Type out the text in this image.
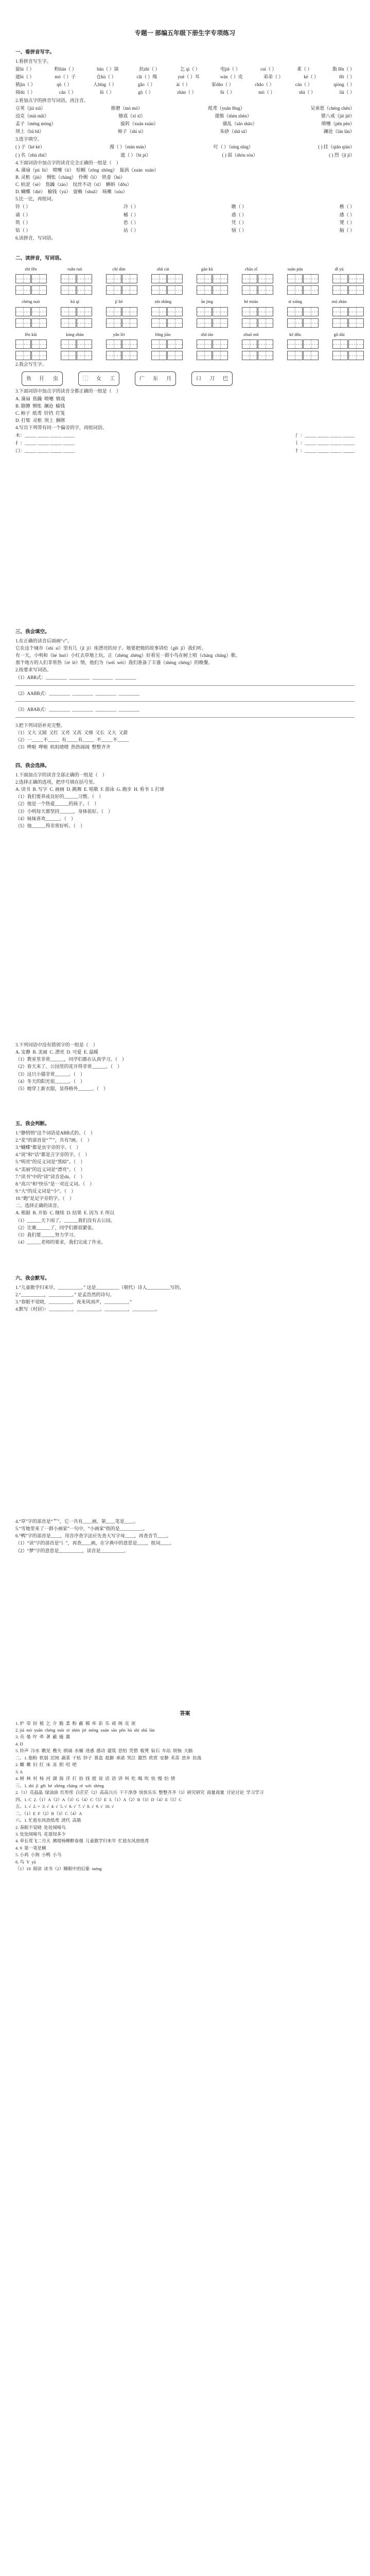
专题一 部编五年级下册生字专项练习
一、看拼音写字。
1.看拼音写生字。
旋lú（ ）	粉lián（ ）	bàn（ ）演	扶zhí（ ）	乞 qì（ ）	电jiè（ ）	cuì（ ）	柔（ ）	脂 fěn（ ）
遮bì（ ）	mó（ ）子	仓kù（ ）	cǎi（ ）绳	yuè（ ）耳	wán（ ）皮	弟弟（ ）	kè（ ）	fěi（ ）
猜jìn（ ）	qǔ（ ）	人bǐng（ ）	gǎo（ ）	ài（ ）	家dǔo（ ）	chǎo（ ）	cán（ ）	qióng（ ）
阅dú（ ）	cán（ ）	lǜ（ ）	gū（ ）	zhàn（ ）	fù（ ）	mò（ ）	shà（ ）	lài（ ）
2.看加点字的拼音写词语，再注音。
豆荚（jiá xiá）	推磨（mò mó）	纸鸢（yuān fēng）	吴承恩（chéng chén）
迈克（mài mǎi）	嬉戏（xī xǐ）	谨慎（shèn zhèn）	猪八戒（jiè jiē）
孟子（mèng mòng）	旋转（xuán xuàn）	骚乱（sāo shāo）	喷嚏（pēn pèn）
坝上（bà bǎ）	柿子（shì sì）	朱砂（shā sā）	澜沧（lán làn）
3.选字填空。
( ) 子（ké kè）	漫（ ）（màn mán）	叮（ ）（níng nǐng）	( ) 挂（qiān qián）
( ) 名（zhù zhú）	遮（ ）（bì pì）	( ) 弱（shòu sòu）	( ) 烈（jī jí）
4.下面词语中加点字的读音完全正确的一组是（    ）
A. 蒲扇（pú  fú）  喷嚏（tì）  棕榈（zōng  zhōng）  旋涡（xuàn  xuán）
B. 灵柩（jiù）  惆怅（chàng）  伶俐（lì）  铁壶（hú）
C. 枯涩（sè）  焦躁（zào）  纹丝不动（sī）  蝌蚪（dǒu）
D. 蝴蝶（dié）  榆钱（yú）  耍赖（shuǎ）  咳嗽（sòu）
5.比一比，再组词。
铃（ ）	冷（ ）	瞧（ ）	樵（ ）
诵（ ）	桶（ ）	惑（ ）	感（ ）
筑（ ）	恐（ ）	凭（ ）	凳（ ）
钻（ ）	站（ ）	恼（ ）	脑（ ）
6.读拼音，写词语。
二、读拼音，写词语。
zhī fěn	ruǎn ruò	chí dùn	shū cài	gān kū	chāo zǐ	suàn pán	dǐ yù
chéng nuò	kū qì	jí liè	xīn shǎng	ān jìng	hé miáo	sī xiāng	mó zhàn
fēn kāi	kàng zhàn	yǎn lèi	bǐng jiāo	shā tān	zhuō mō	kē dǒu	gǔ dài
2.我会写生字。
鱼 ⺝ 虫	⿰ 女 工	广 东 月	口 刀 巴
3.下面词语中加点字的读音全都正确的一组是（    ）
A. 蒲扇  焦躁  喷嚏  嬉戏
B. 胳膊  惆怅  澜沧  榆钱
C. 柿子  纸鸢  铃铛  灯笼
D. 打柴  灵柩  坝上  捆绑
4.写出下列带有同一个偏旁的字，再组词语。
木：_____ _____ _____ _____	氵：_____ _____ _____ _____
扌：_____ _____ _____ _____	讠：_____ _____ _____ _____
口：_____ _____ _____ _____	忄：_____ _____ _____ _____
三、我会填空。
1.在正确的读音后面画“√”。
它在这个城市（shì  sì）里有几（jǐ  jī）座漂亮的房子。她要把她的故事讲给（gěi  jǐ）我们听。
有一天，小明和（hé  huò）小红去草地上玩，正（zhèng  zhēng）好看见一群小鸟在树上唱（chàng  cháng）歌。
那个地方的人们非常热（rè  lè）情，他们为（wéi  wèi）我们准备了丰盛（shèng  chéng）的晚餐。
2.按要求写词语。
（1）ABB式：_________  _________  _________  _________
（2）AABB式：_________  _________  _________  _________
（3）ABAB式：_________  _________  _________  _________
3.把下列词语补充完整。
（1）又大 又圆  又红  又亮  又高  又细  又长  又大  又甜
（2）一_____不_____  有_____有_____  不_____不_____
（3）哗啦  哗啦  叽叽喳喳  热热闹闹  整整齐齐
四、我会选择。
1.下面加点字的读音全部正确的一组是（    ）
2.选择正确的选项，把序号填在括号里。
A. 读书  B. 写字  C. 画画  D. 跳舞  E. 唱歌  F. 游泳  G. 跑步  H. 看书  I. 打球
（1）我们要养成良好的______习惯。（    ）
（2）他是一个热爱______的孩子。（    ）
（3）小明每天都坚持______，身体很好。（    ）
（4）妹妹喜欢______。（    ）
（5）他______得非常好听。（    ）
3.下列词语中没有错别字的一组是（    ）
A. 安静  B. 美丽  C. 漂亮  D. 可爱  E. 温暖
（1）教室里非常______，同学们都在认真学习。（    ）
（2）春天来了，公园里的花开得非常______。（    ）
（3）这只小猫非常______。（    ）
（4）冬天的阳光很______。（    ）
（5）她穿上新衣服，显得格外______。（    ）
五、我会判断。
1.“静悄悄”这个词语是ABB式的。（    ）
2.“花”的部首是“艹”，共有7画。（    ）
3.“蝴蝶”都是虫字旁的字。（    ）
4.“说”和“话”都是言字旁的字。（    ）
5.“明亮”的反义词是“黑暗”。（    ）
6.“美丽”的近义词是“漂亮”。（    ）
7.“读书”中的“读”读音是dú。（    ）
8.“高兴”和“快乐”是一对近义词。（    ）
9.“大”的反义词是“小”。（    ）
10.“跑”是足字旁的字。（    ）
二、选择正确的读音。
A. 根据  B. 开始  C. 继续  D. 结果  E. 因为  F. 所以
（1）______天下雨了，______我们没有去公园。
（2）比赛______了，同学们都很紧张。
（3）我们要______努力学习。
（4）______老师的要求，我们完成了作业。
六、我会默写。
1.“儿童散学归来早，__________。” 这是__________（朝代）诗人__________写的。
2.“__________，__________。” 是孟浩然的诗句。
3.“春眠不觉晓，__________。夜来风雨声，__________。”
4.默写《村居》：__________，__________。__________，__________。
4.“草”字的部首是“艹”，它一共有____画，第____笔是____。
5.“雪地里来了一群小画家”一句中，“小画家”指的是__________。
6.“鸭”字的部首是____，用音序查字法应先查大写字母____，再查音节____。
（1）“读”字的部首是“讠”，再查____画，在字典中的意思是____，组词____。
（2）“梦”字的意思是__________，读音是__________。
答案
1. 炉  帘  扮  植  乞  介  脆  柔  粉  蔽  模  库  彩  乐  顽  咳  克  匪
2. jiá  mò  yuān  chéng  mài  xī  shèn  jiè  mèng  xuán  sāo  pēn  bà  shì  shā  lán
3. 壳  曼  咛  牵  著  蔽  瘦  激
4. D
5. 铃声  冷水  瞧见  樵夫  朗诵  水桶  迷惑  感动  建筑  恐怕  凭借  板凳  钻石  车站  烦恼  大脑
二、1. 脂粉  软弱  迟钝  蔬菜  干枯  钞子  算盘  抵御  承诺  哭泣  激烈  欣赏  安静  禾苗  思乡  抗战
2. 蝴  蝶  妇  红  床  冻  胆  叨  吧
3. A
4. 树  林  村  杨  河  湖  海  洋  打  拍  找  提  说  话  语  讲  叫  吃  喝  吹  快  慢  怕  情
三、1. shì  jǐ  gěi  hé  zhèng  chàng  rè  wèi  shèng
2.（1）亮晶晶  绿油油  红彤彤  白茫茫（2）高高兴兴  干干净净  快快乐乐  整整齐齐（3）研究研究  商量商量  讨论讨论  学习学习
四、1. C  2.（1）A（2）A（3）G（4）C（5）E  3.（1）A（2）B（3）D（4）E（5）C
五、1. √  2. ×  3. √  4. √  5. √  6. √  7. √  8. √  9. √  10. √
二、（1）E  F（2）B（3）C（4）A
六、1. 忙趁东风放纸鸢  清代  高鼎
2. 春眠不觉晓  处处闻啼鸟
3. 处处闻啼鸟  花落知多少
4. 草长莺飞二月天  拂堤杨柳醉春烟  儿童散学归来早  忙趁东风放纸鸢
4. 9  第一笔是横
5. 小鸡  小狗  小鸭  小马
6. 鸟  Y  yā
（1）10  阅读  读书（2）睡眠中的幻象  mèng
